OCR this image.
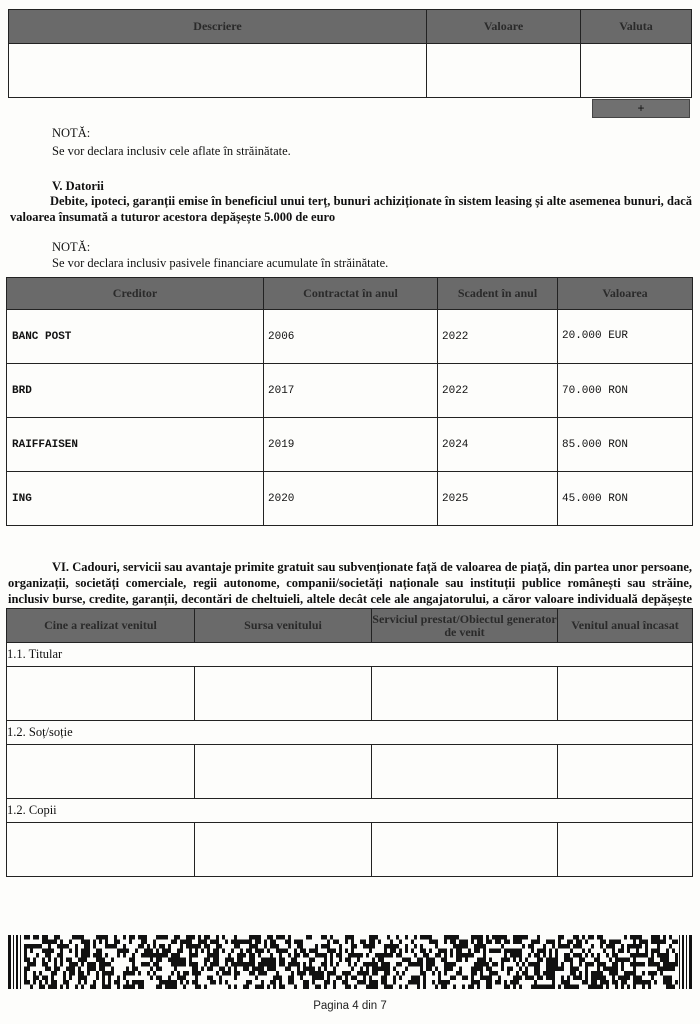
Descriere	Valoare	Valuta

+
NOTĂ:
Se vor declara inclusiv cele aflate în străinătate.
V. Datorii
Debite, ipoteci, garanții emise în beneficiul unui terț, bunuri achiziționate în sistem leasing și alte asemenea bunuri, dacă valoarea însumată a tuturor acestora depășește 5.000 de euro
NOTĂ:
Se vor declara inclusiv pasivele financiare acumulate în străinătate.
Creditor	Contractat în anul	Scadent în anul	Valoarea
BANC POST	2006	2022	20.000 EUR
BRD	2017	2022	70.000 RON
RAIFFAISEN	2019	2024	85.000 RON
ING	2020	2025	45.000 RON
VI. Cadouri, servicii sau avantaje primite gratuit sau subvenționate față de valoarea de piață, din partea unor persoane, organizații, societăți comerciale, regii autonome, companii/societăți naționale sau instituții publice românești sau străine, inclusiv burse, credite, garanții, decontări de cheltuieli, altele decât cele ale angajatorului, a căror valoare individuală depășește
Cine a realizat venitul	Sursa venitului	Serviciul prestat/Obiectul generator de venit	Venitul anual încasat
1.1. Titular			

1.2. Soț/soție			

1.2. Copii			

Pagina 4 din 7
